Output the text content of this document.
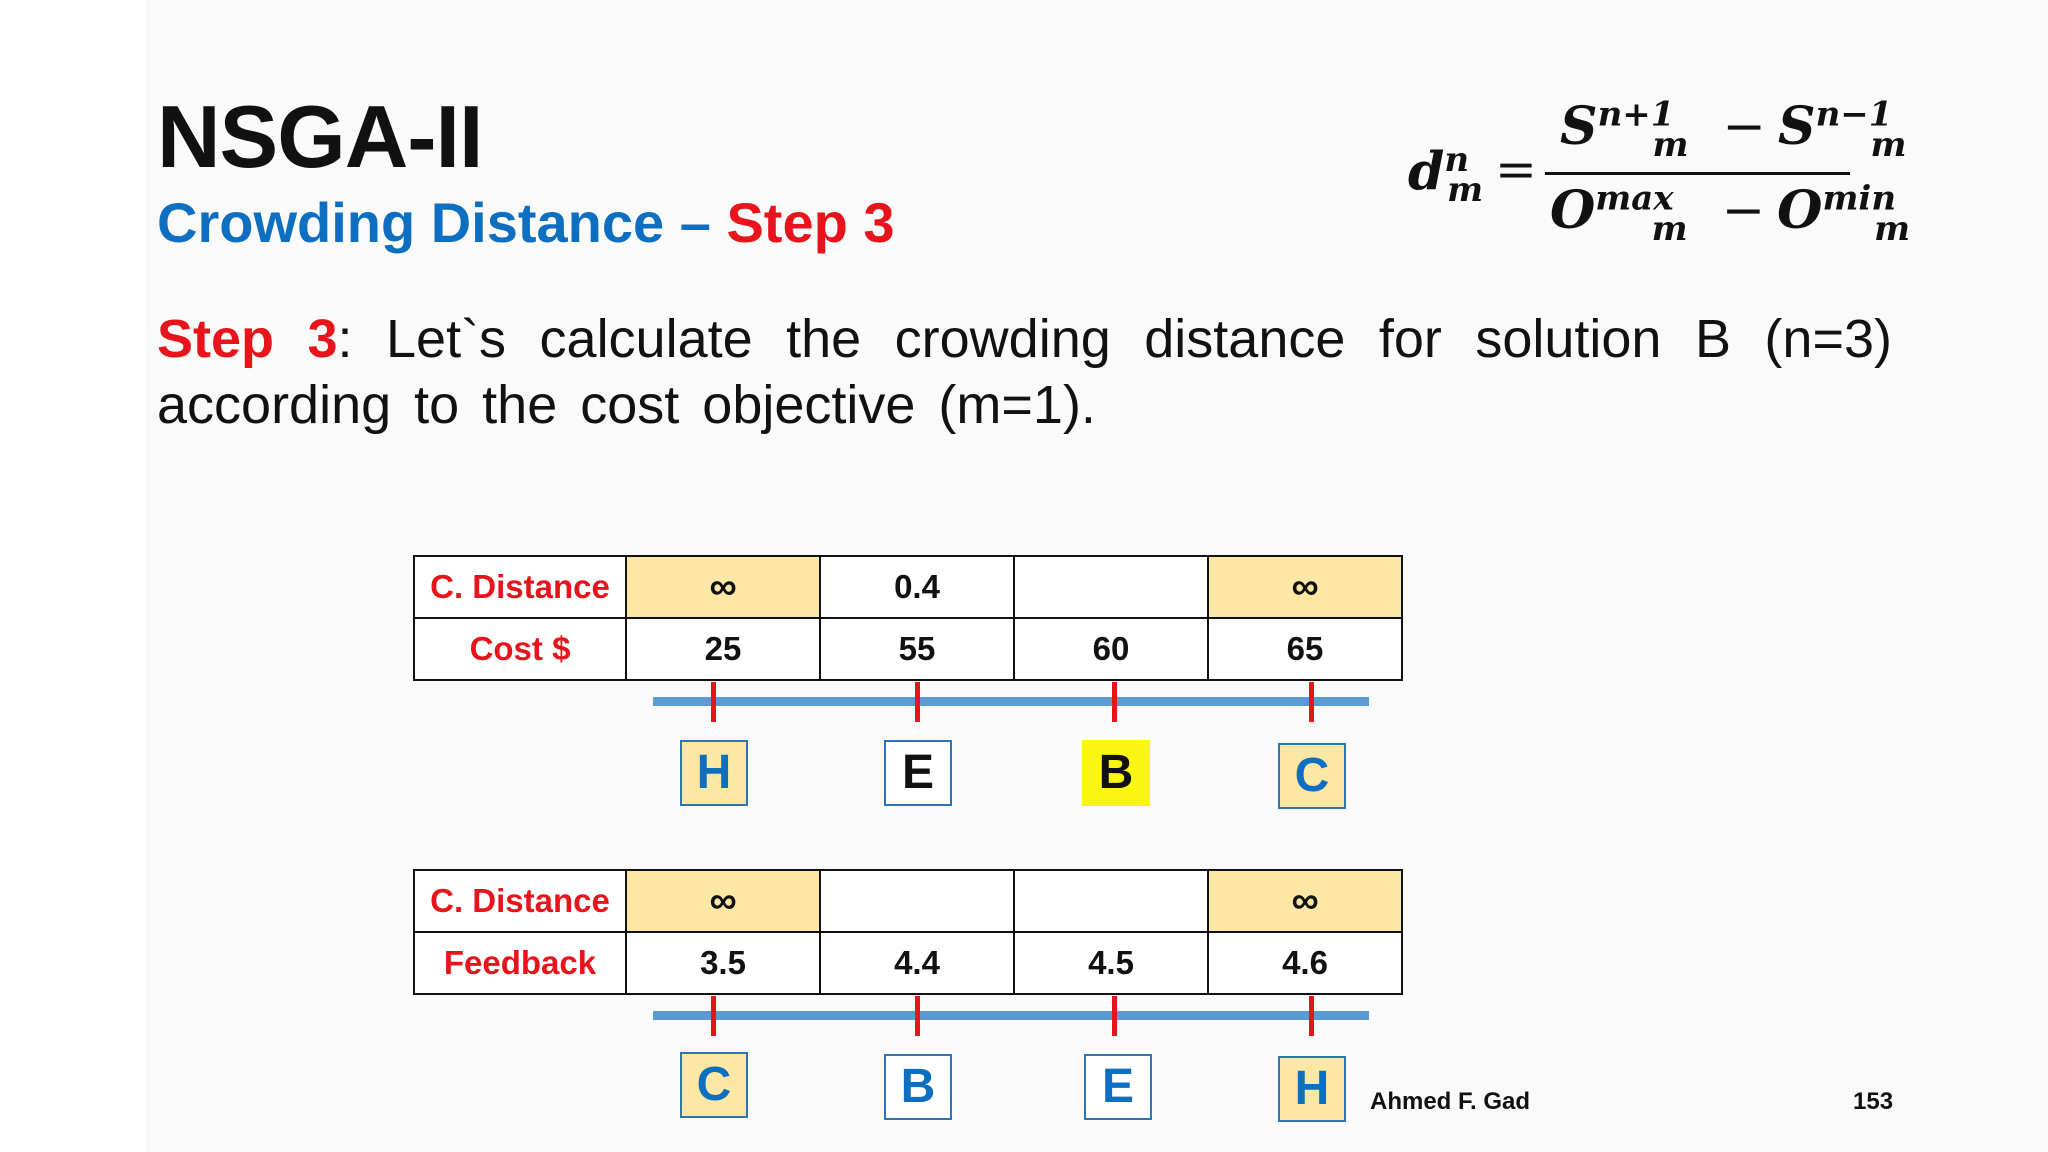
NSGA-II
Crowding Distance – Step 3
$d^n_m$ =
$S^{n+1}_m - S^{n-1}_m$
$O^{max}_m - O^{min}_m$
Step 3: Let`s calculate the crowding distance for solution B (n=3) according to the cost objective (m=1).
C. Distance	∞	0.4		∞
Cost $	25	55	60	65
H	E	B	C
C. Distance	∞			∞
Feedback	3.5	4.4	4.5	4.6
C	B	E	H	Ahmed F. Gad	153
